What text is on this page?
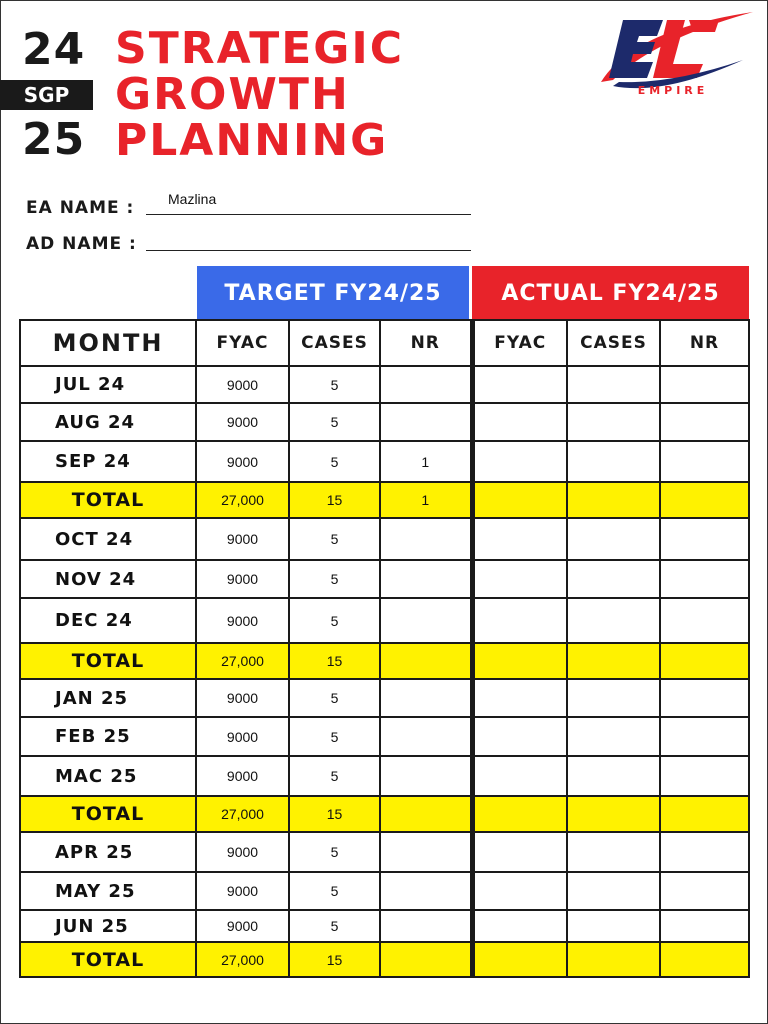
24
SGP
25
STRATEGIC
GROWTH
PLANNING
EMPIRE
EA NAME : Mazlina
AD NAME :
TARGET FY24/25	ACTUAL FY24/25
MONTH	FYAC	CASES	NR	FYAC	CASES	NR
JUL 24	9000	5				
AUG 24	9000	5				
SEP 24	9000	5	1			
TOTAL	27,000	15	1			
OCT 24	9000	5				
NOV 24	9000	5				
DEC 24	9000	5				
TOTAL	27,000	15				
JAN 25	9000	5				
FEB 25	9000	5				
MAC 25	9000	5				
TOTAL	27,000	15				
APR 25	9000	5				
MAY 25	9000	5				
JUN 25	9000	5				
TOTAL	27,000	15				
